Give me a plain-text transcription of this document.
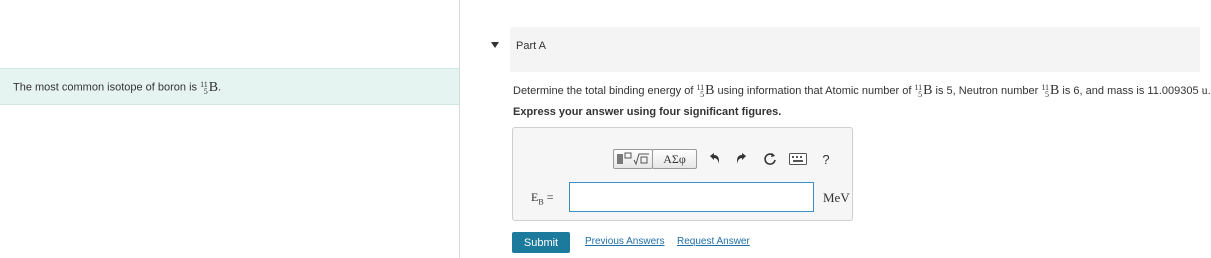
The most common isotope of boron is 11
5 B .
Part A
Determine the total binding energy of 11
5 B using information that Atomic number of 11
5 B is 5, Neutron number 11
5 B is 6, and mass is 11.009305 u.
Express your answer using four significant figures.
ΑΣφ	?
$E_B$ =	MeV
Submit	Previous Answers Request Answer
